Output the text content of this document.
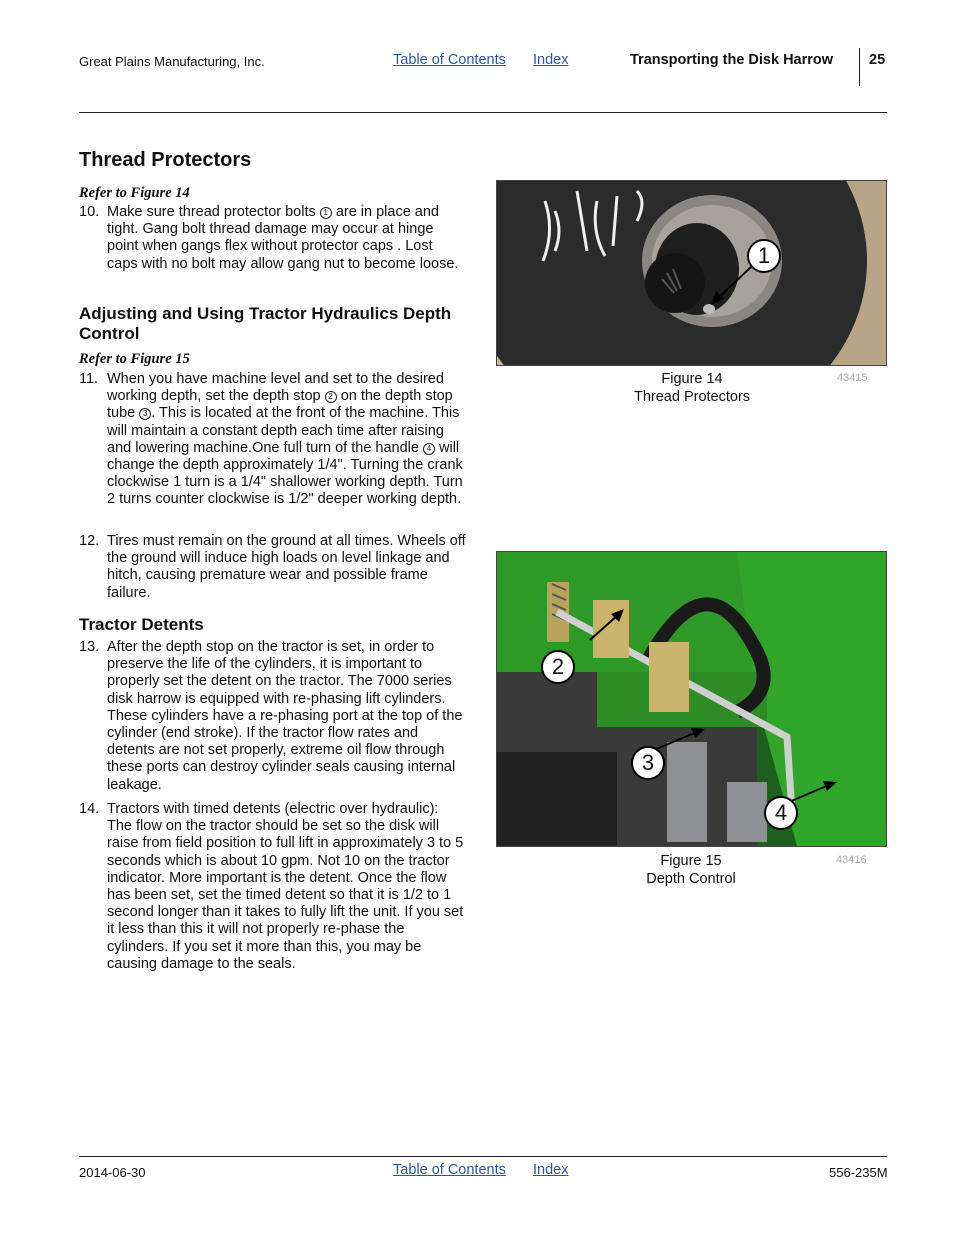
Great Plains Manufacturing, Inc.	Table of Contents Index	Transporting the Disk Harrow 25
Thread Protectors
Refer to Figure 14
10. Make sure thread protector bolts 1 are in place and tight. Gang bolt thread damage may occur at hinge point when gangs flex without protector caps . Lost caps with no bolt may allow gang nut to become loose.
Adjusting and Using Tractor Hydraulics Depth Control
Refer to Figure 15
11. When you have machine level and set to the desired working depth, set the depth stop 2 on the depth stop tube 3 . This is located at the front of the machine. This will maintain a constant depth each time after raising and lowering machine.One full turn of the handle 4 will change the depth approximately 1/4". Turning the crank clockwise 1 turn is a 1/4" shallower working depth. Turn 2 turns counter clockwise is 1/2" deeper working depth.
12. Tires must remain on the ground at all times. Wheels off the ground will induce high loads on level linkage and hitch, causing premature wear and possible frame failure.
Tractor Detents
13. After the depth stop on the tractor is set, in order to preserve the life of the cylinders, it is important to properly set the detent on the tractor. The 7000 series disk harrow is equipped with re-phasing lift cylinders. These cylinders have a re-phasing port at the top of the cylinder (end stroke). If the tractor flow rates and detents are not set properly, extreme oil flow through these ports can destroy cylinder seals causing internal leakage.
14. Tractors with timed detents (electric over hydraulic): The flow on the tractor should be set so the disk will raise from field position to full lift in approximately 3 to 5 seconds which is about 10 gpm. Not 10 on the tractor indicator. More important is the detent. Once the flow has been set, set the timed detent so that it is 1/2 to 1 second longer than it takes to fully lift the unit. If you set it less than this it will not properly re-phase the cylinders. If you set it more than this, you may be causing damage to the seals.
1
Figure 14
Thread Protectors
43415
2
3
4
Figure 15
Depth Control
43416
2014-06-30	Table of Contents Index	556-235M
